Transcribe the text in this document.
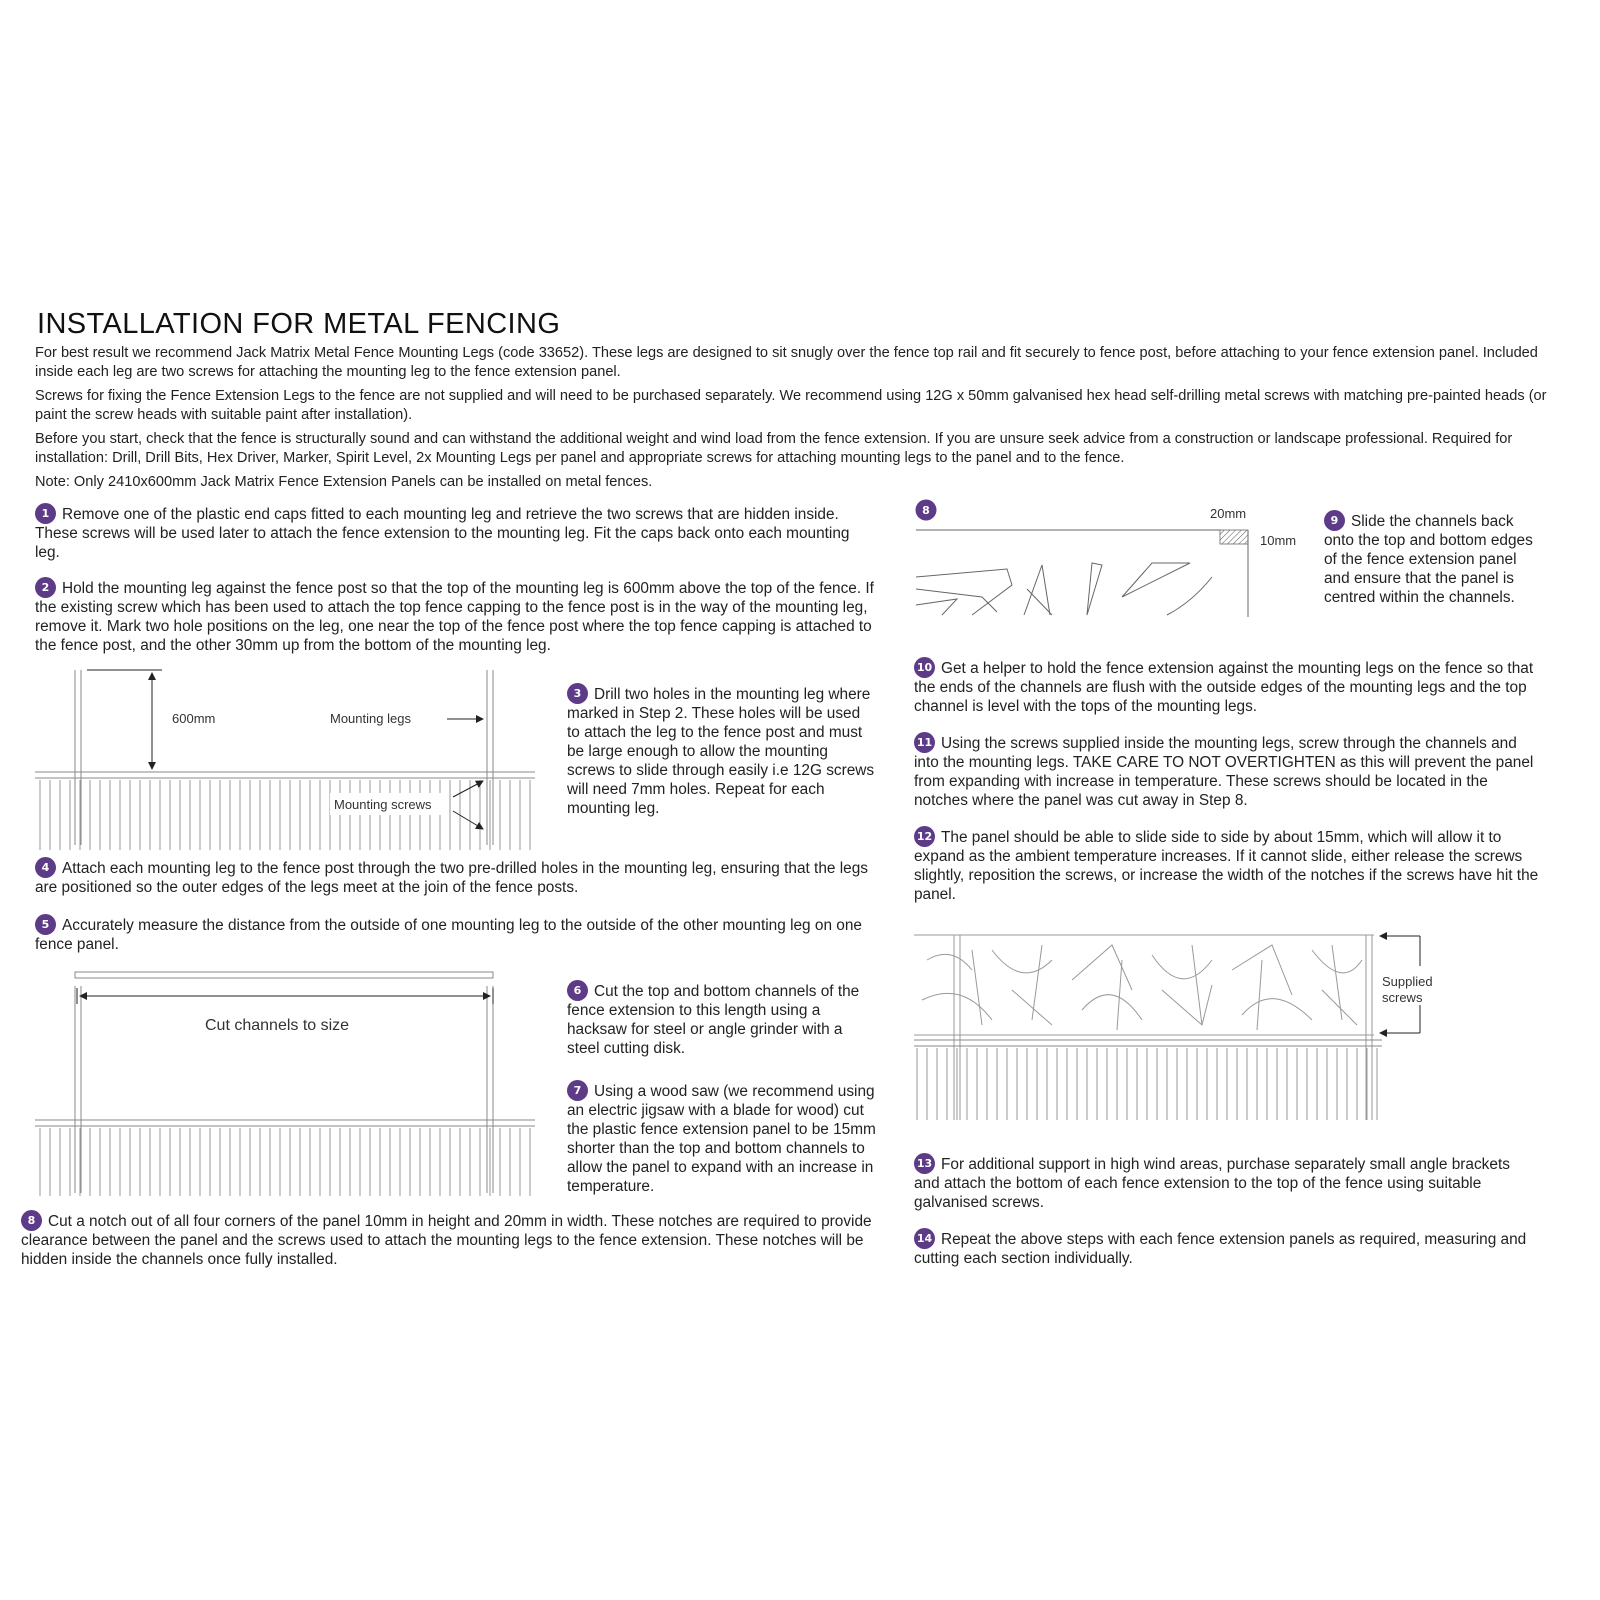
INSTALLATION FOR METAL FENCING

For best result we recommend Jack Matrix Metal Fence Mounting Legs (code 33652). These legs are designed to sit snugly over the fence top rail and fit securely to fence post, before attaching to your fence extension panel. Included inside each leg are two screws for attaching the mounting leg to the fence extension panel.

Screws for fixing the Fence Extension Legs to the fence are not supplied and will need to be purchased separately. We recommend using 12G x 50mm galvanised hex head self-drilling metal screws with matching pre-painted heads (or paint the screw heads with suitable paint after installation).

Before you start, check that the fence is structurally sound and can withstand the additional weight and wind load from the fence extension. If you are unsure seek advice from a construction or landscape professional. Required for installation: Drill, Drill Bits, Hex Driver, Marker, Spirit Level, 2x Mounting Legs per panel and appropriate screws for attaching mounting legs to the panel and to the fence.

Note: Only 2410x600mm Jack Matrix Fence Extension Panels can be installed on metal fences.

1 Remove one of the plastic end caps fitted to each mounting leg and retrieve the two screws that are hidden inside. These screws will be used later to attach the fence extension to the mounting leg. Fit the caps back onto each mounting leg.

2 Hold the mounting leg against the fence post so that the top of the mounting leg is 600mm above the top of the fence. If the existing screw which has been used to attach the top fence capping to the fence post is in the way of the mounting leg, remove it. Mark two hole positions on the leg, one near the top of the fence post where the top fence capping is attached to the fence post, and the other 30mm up from the bottom of the mounting leg.

3 Drill two holes in the mounting leg where marked in Step 2. These holes will be used to attach the leg to the fence post and must be large enough to allow the mounting screws to slide through easily i.e 12G screws will need 7mm holes. Repeat for each mounting leg.

4 Attach each mounting leg to the fence post through the two pre-drilled holes in the mounting leg, ensuring that the legs are positioned so the outer edges of the legs meet at the join of the fence posts.

5 Accurately measure the distance from the outside of one mounting leg to the outside of the other mounting leg on one fence panel.

6 Cut the top and bottom channels of the fence extension to this length using a hacksaw for steel or angle grinder with a steel cutting disk.

7 Using a wood saw (we recommend using an electric jigsaw with a blade for wood) cut the plastic fence extension panel to be 15mm shorter than the top and bottom channels to allow the panel to expand with an increase in temperature.

8 Cut a notch out of all four corners of the panel 10mm in height and 20mm in width. These notches are required to provide clearance between the panel and the screws used to attach the mounting legs to the fence extension. These notches will be hidden inside the channels once fully installed.

9 Slide the channels back onto the top and bottom edges of the fence extension panel and ensure that the panel is centred within the channels.

10 Get a helper to hold the fence extension against the mounting legs on the fence so that the ends of the channels are flush with the outside edges of the mounting legs and the top channel is level with the tops of the mounting legs.

11 Using the screws supplied inside the mounting legs, screw through the channels and into the mounting legs. TAKE CARE TO NOT OVERTIGHTEN as this will prevent the panel from expanding with increase in temperature. These screws should be located in the notches where the panel was cut away in Step 8.

12 The panel should be able to slide side to side by about 15mm, which will allow it to expand as the ambient temperature increases. If it cannot slide, either release the screws slightly, reposition the screws, or increase the width of the notches if the screws have hit the panel.

13 For additional support in high wind areas, purchase separately small angle brackets and attach the bottom of each fence extension to the top of the fence using suitable galvanised screws.

14 Repeat the above steps with each fence extension panels as required, measuring and cutting each section individually.

600mm	Mounting legs
Mounting screws
Cut channels to size
8	20mm
10mm
Supplied
screws
